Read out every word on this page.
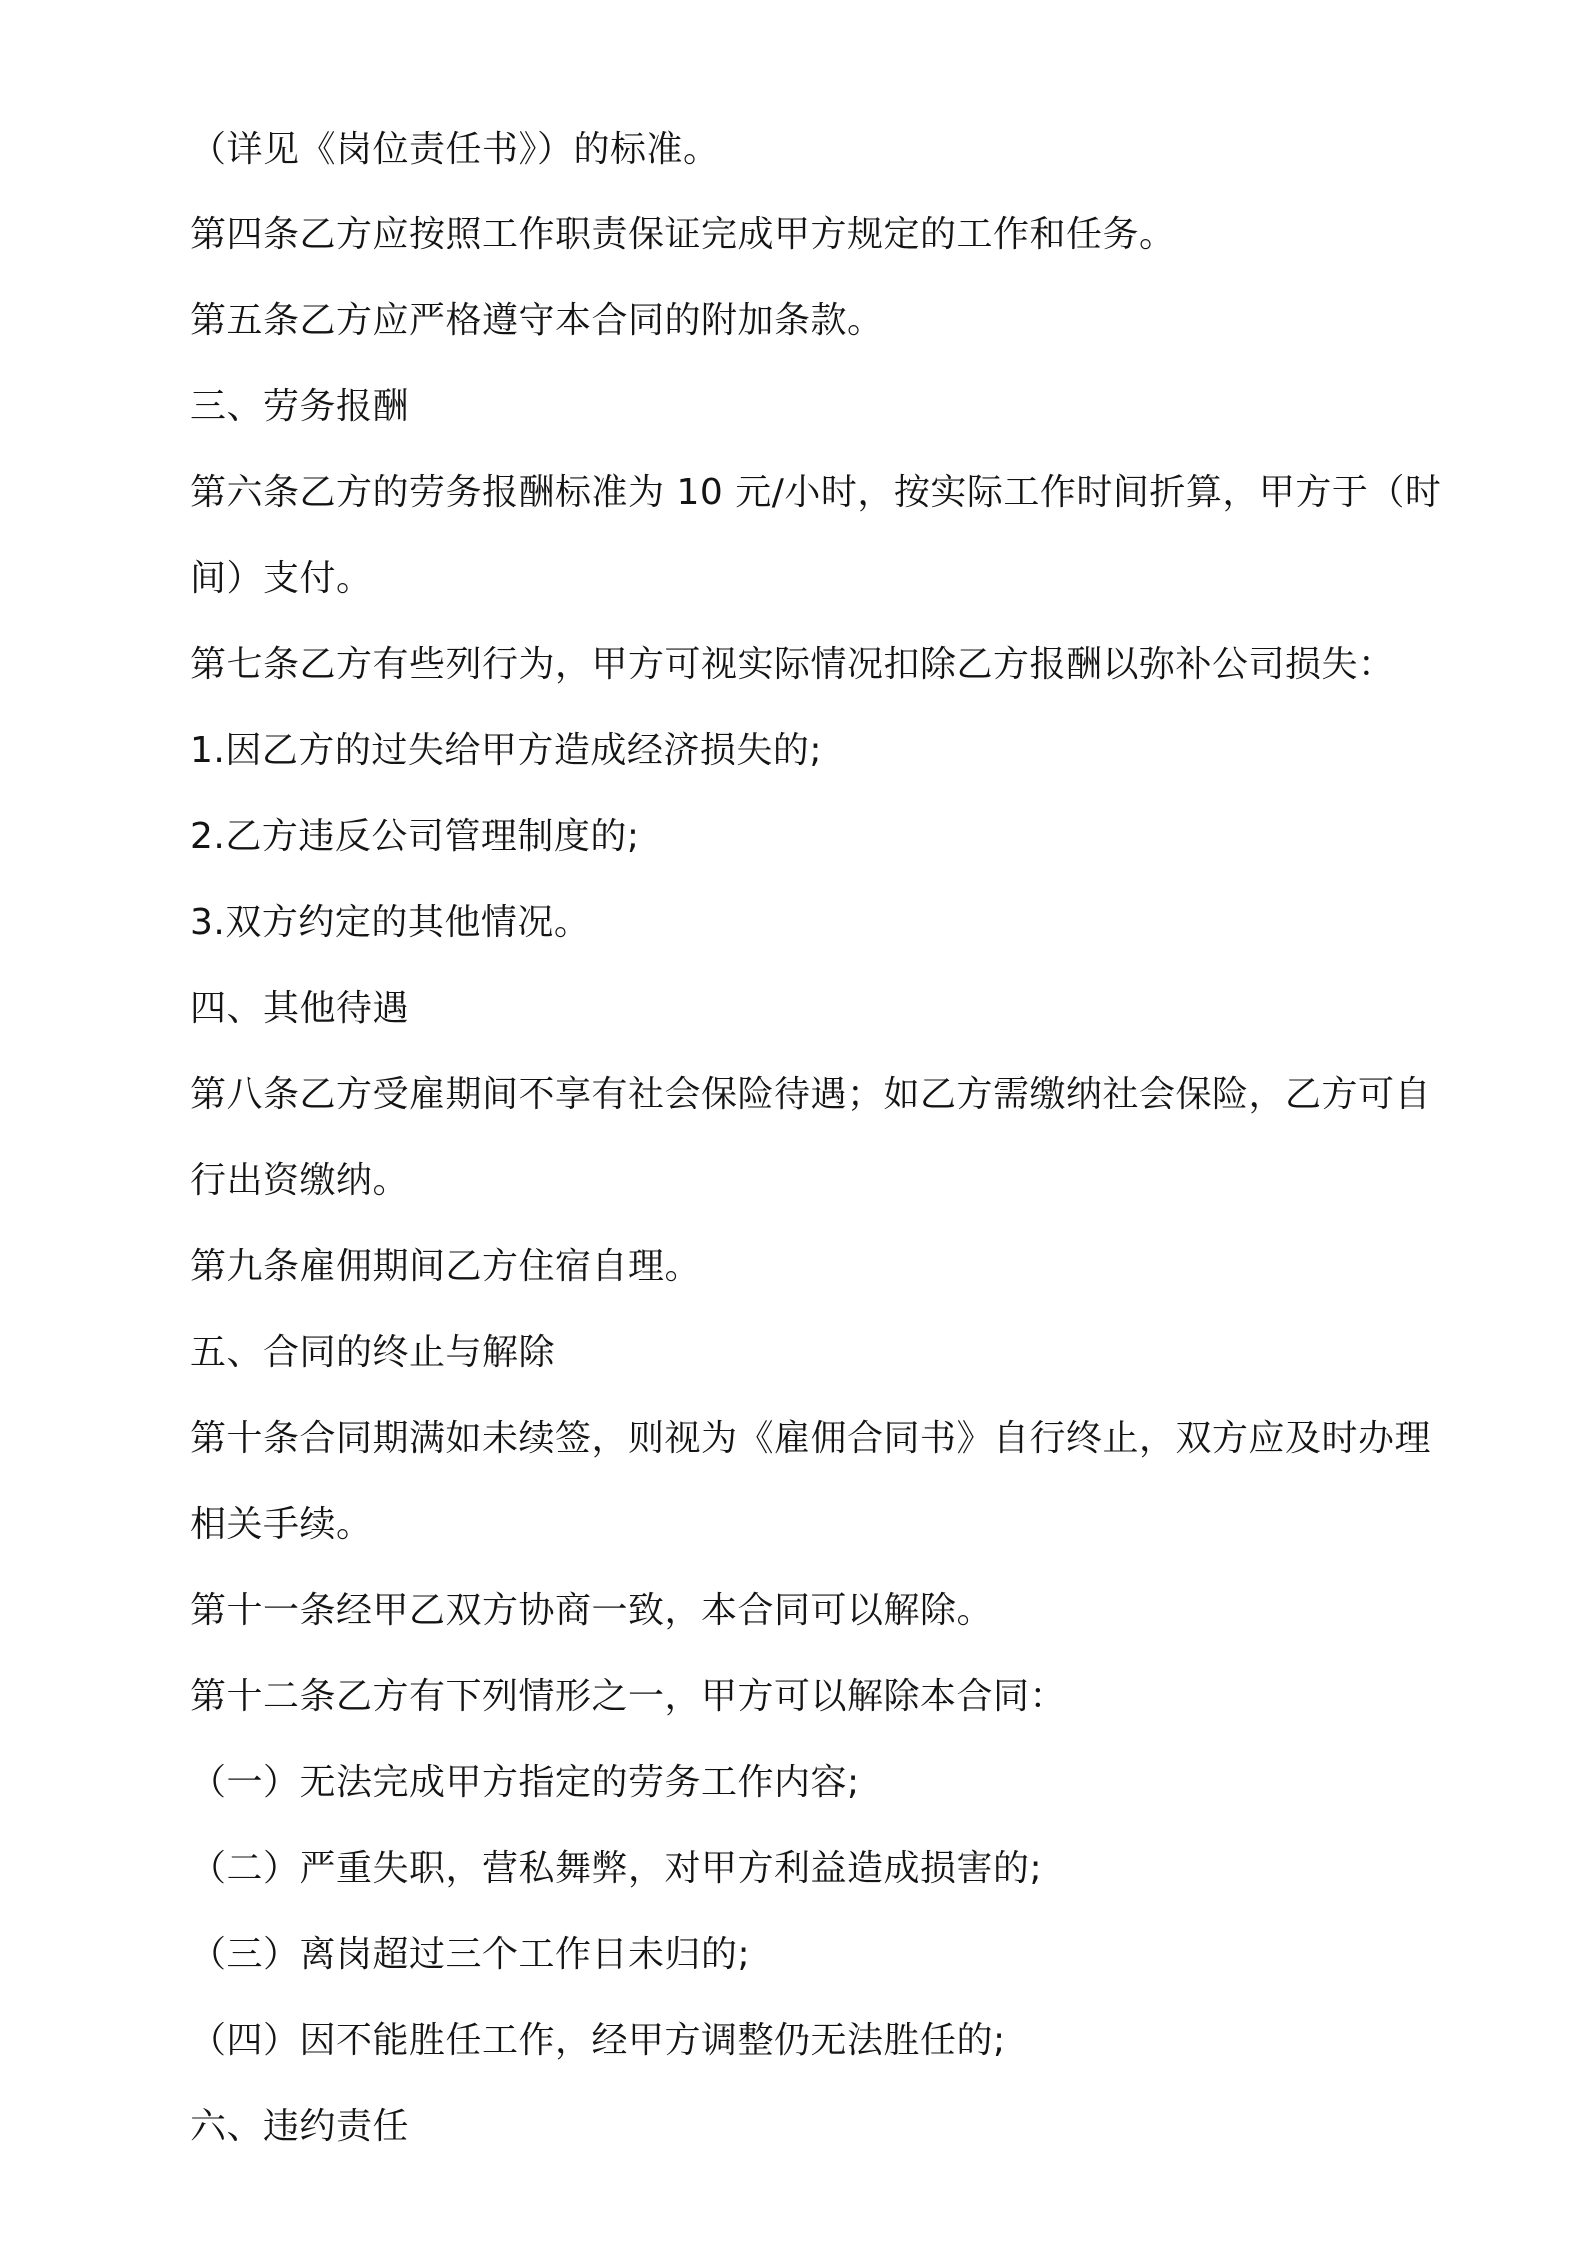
（详见《岗位责任书》）的标准。
第四条乙方应按照工作职责保证完成甲方规定的工作和任务。
第五条乙方应严格遵守本合同的附加条款。
三、劳务报酬
第六条乙方的劳务报酬标准为 10 元/小时，按实际工作时间折算，甲方于（时
间）支付。
第七条乙方有些列行为，甲方可视实际情况扣除乙方报酬以弥补公司损失：
1.因乙方的过失给甲方造成经济损失的;
2.乙方违反公司管理制度的;
3.双方约定的其他情况。
四、其他待遇
第八条乙方受雇期间不享有社会保险待遇；如乙方需缴纳社会保险，乙方可自
行出资缴纳。
第九条雇佣期间乙方住宿自理。
五、合同的终止与解除
第十条合同期满如未续签，则视为《雇佣合同书》自行终止，双方应及时办理
相关手续。
第十一条经甲乙双方协商一致，本合同可以解除。
第十二条乙方有下列情形之一，甲方可以解除本合同：
（一）无法完成甲方指定的劳务工作内容;
（二）严重失职，营私舞弊，对甲方利益造成损害的;
（三）离岗超过三个工作日未归的;
（四）因不能胜任工作，经甲方调整仍无法胜任的;
六、违约责任
